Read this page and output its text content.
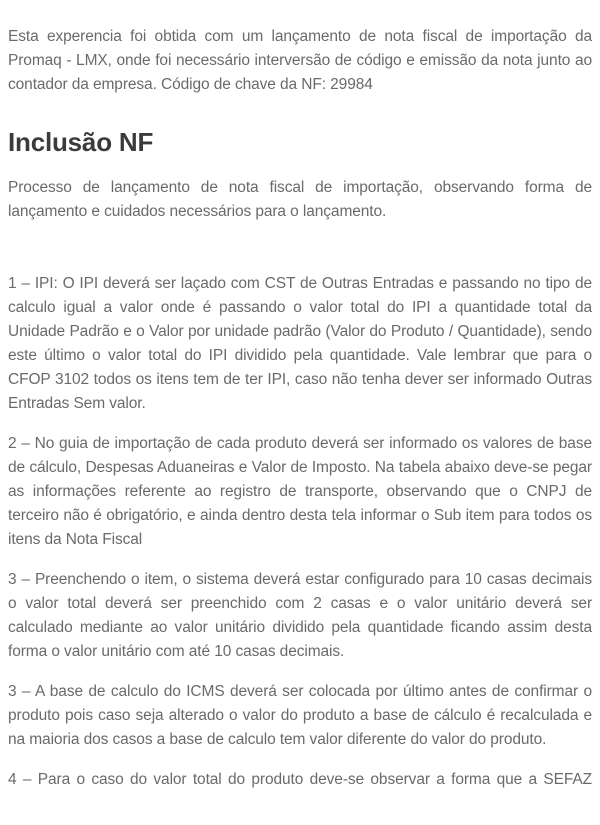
Esta experencia foi obtida com um lançamento de nota fiscal de importação da Promaq - LMX, onde foi necessário interversão de código e emissão da nota junto ao contador da empresa. Código de chave da NF: 29984

Inclusão NF

Processo de lançamento de nota fiscal de importação, observando forma de lançamento e cuidados necessários para o lançamento.

1 – IPI: O IPI deverá ser laçado com CST de Outras Entradas e passando no tipo de calculo igual a valor onde é passando o valor total do IPI a quantidade total da Unidade Padrão e o Valor por unidade padrão (Valor do Produto / Quantidade), sendo este último o valor total do IPI dividido pela quantidade. Vale lembrar que para o CFOP 3102 todos os itens tem de ter IPI, caso não tenha dever ser informado Outras Entradas Sem valor.

2 – No guia de importação de cada produto deverá ser informado os valores de base de cálculo, Despesas Aduaneiras e Valor de Imposto. Na tabela abaixo deve-se pegar as informações referente ao registro de transporte, observando que o CNPJ de terceiro não é obrigatório, e ainda dentro desta tela informar o Sub item para todos os itens da Nota Fiscal

3 – Preenchendo o item, o sistema deverá estar configurado para 10 casas decimais o valor total deverá ser preenchido com 2 casas e o valor unitário deverá ser calculado mediante ao valor unitário dividido pela quantidade ficando assim desta forma o valor unitário com até 10 casas decimais.

3 – A base de calculo do ICMS deverá ser colocada por último antes de confirmar o produto pois caso seja alterado o valor do produto a base de cálculo é recalculada e na maioria dos casos a base de calculo tem valor diferente do valor do produto.

4 – Para o caso do valor total do produto deve-se observar a forma que a SEFAZ
